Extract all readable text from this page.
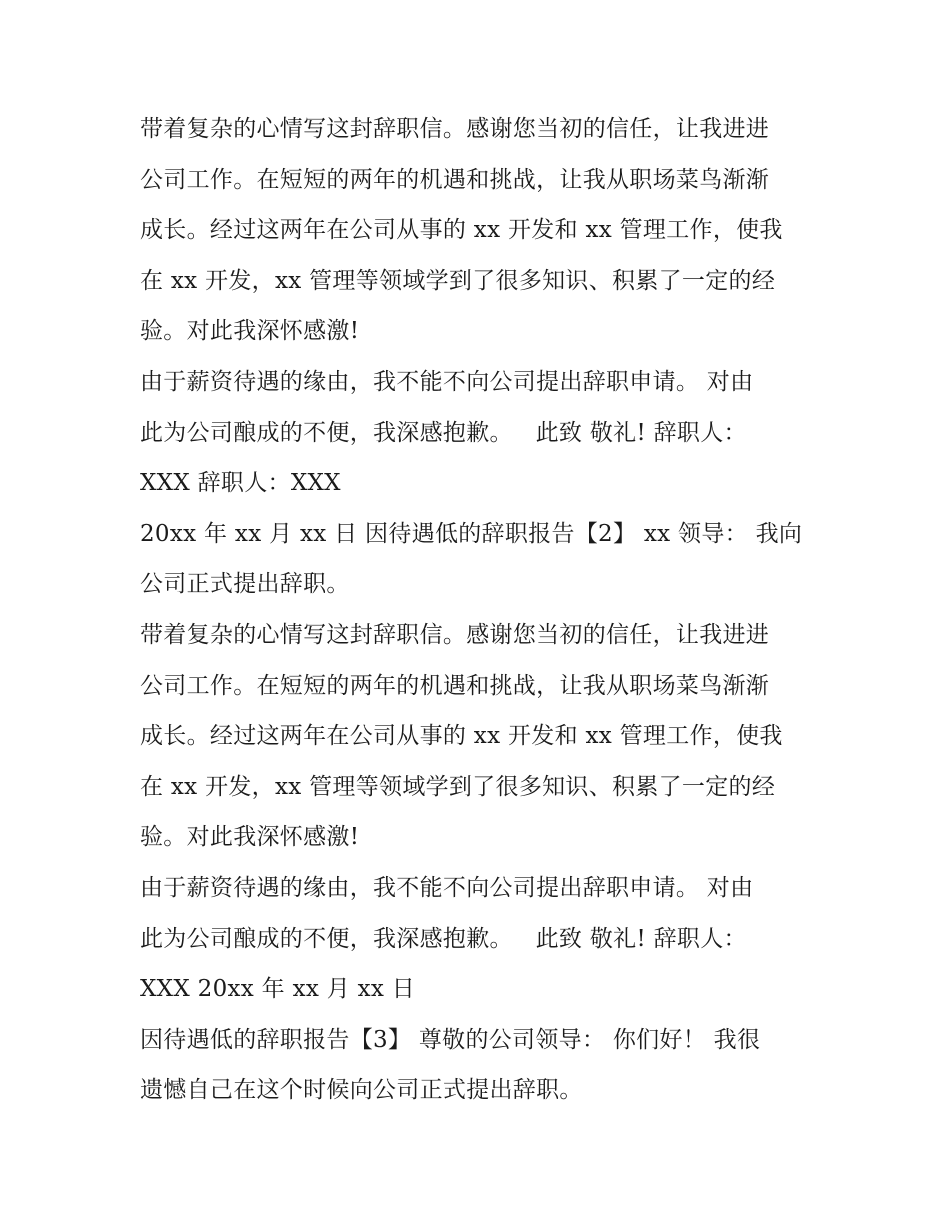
带着复杂的心情写这封辞职信。感谢您当初的信任，让我进进
公司工作。在短短的两年的机遇和挑战，让我从职场菜鸟渐渐
成长。经过这两年在公司从事的 xx 开发和 xx 管理工作，使我
在 xx 开发，xx 管理等领域学到了很多知识、积累了一定的经
验。对此我深怀感激!
由于薪资待遇的缘由，我不能不向公司提出辞职申请。 对由
此为公司酿成的不便，我深感抱歉。   此致 敬礼! 辞职人：
XXX 辞职人：XXX
20xx 年 xx 月 xx 日 因待遇低的辞职报告【2】 xx 领导： 我向
公司正式提出辞职。
带着复杂的心情写这封辞职信。感谢您当初的信任，让我进进
公司工作。在短短的两年的机遇和挑战，让我从职场菜鸟渐渐
成长。经过这两年在公司从事的 xx 开发和 xx 管理工作，使我
在 xx 开发，xx 管理等领域学到了很多知识、积累了一定的经
验。对此我深怀感激!
由于薪资待遇的缘由，我不能不向公司提出辞职申请。 对由
此为公司酿成的不便，我深感抱歉。   此致 敬礼! 辞职人：
XXX 20xx 年 xx 月 xx 日
因待遇低的辞职报告【3】 尊敬的公司领导： 你们好！ 我很
遗憾自己在这个时候向公司正式提出辞职。
